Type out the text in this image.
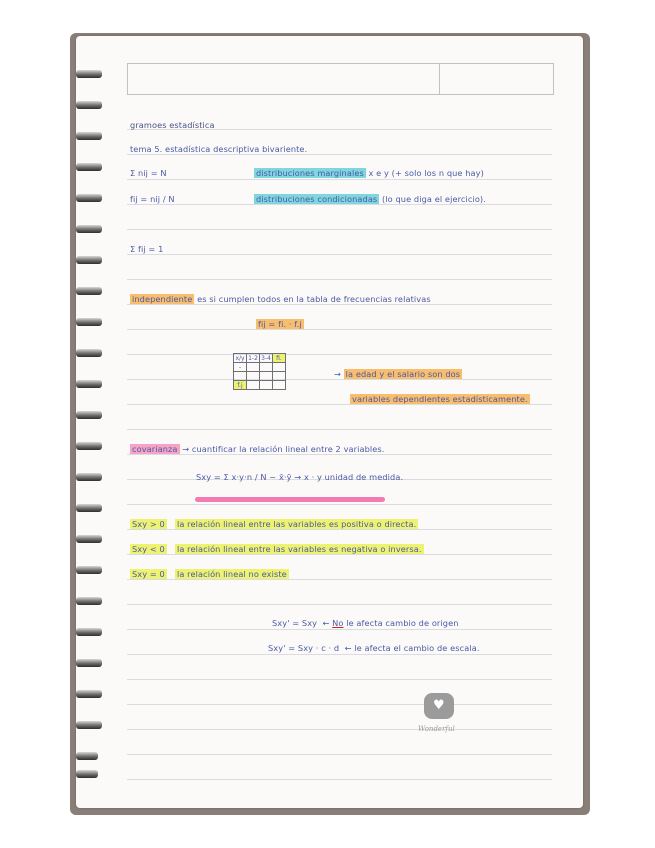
gramoes estadística
tema 5. estadística descriptiva bivariente.
Σ nij = N	distribuciones marginales x e y (+ solo los n que hay)
fij = nij / N	distribuciones condicionadas (lo que diga el ejercicio).
Σ fij = 1
independiente es si cumplen todos en la tabla de frecuencias relativas
fij = fi. · f.j
x/y	1-2	3-4	fi.
-			

f.j			
→ la edad y el salario son dos
variables dependientes estadísticamente.
covarianza → cuantificar la relación lineal entre 2 variables.
Sxy = Σ x·y·n / N − x̄·ȳ → x · y unidad de medida.
Sxy > 0 la relación lineal entre las variables es positiva o directa.
Sxy < 0 la relación lineal entre las variables es negativa o inversa.
Sxy = 0 la relación lineal no existe
Sxy' = Sxy ← No le afecta cambio de origen
Sxy' = Sxy · c · d ← le afecta el cambio de escala.
♥
Wonderful
